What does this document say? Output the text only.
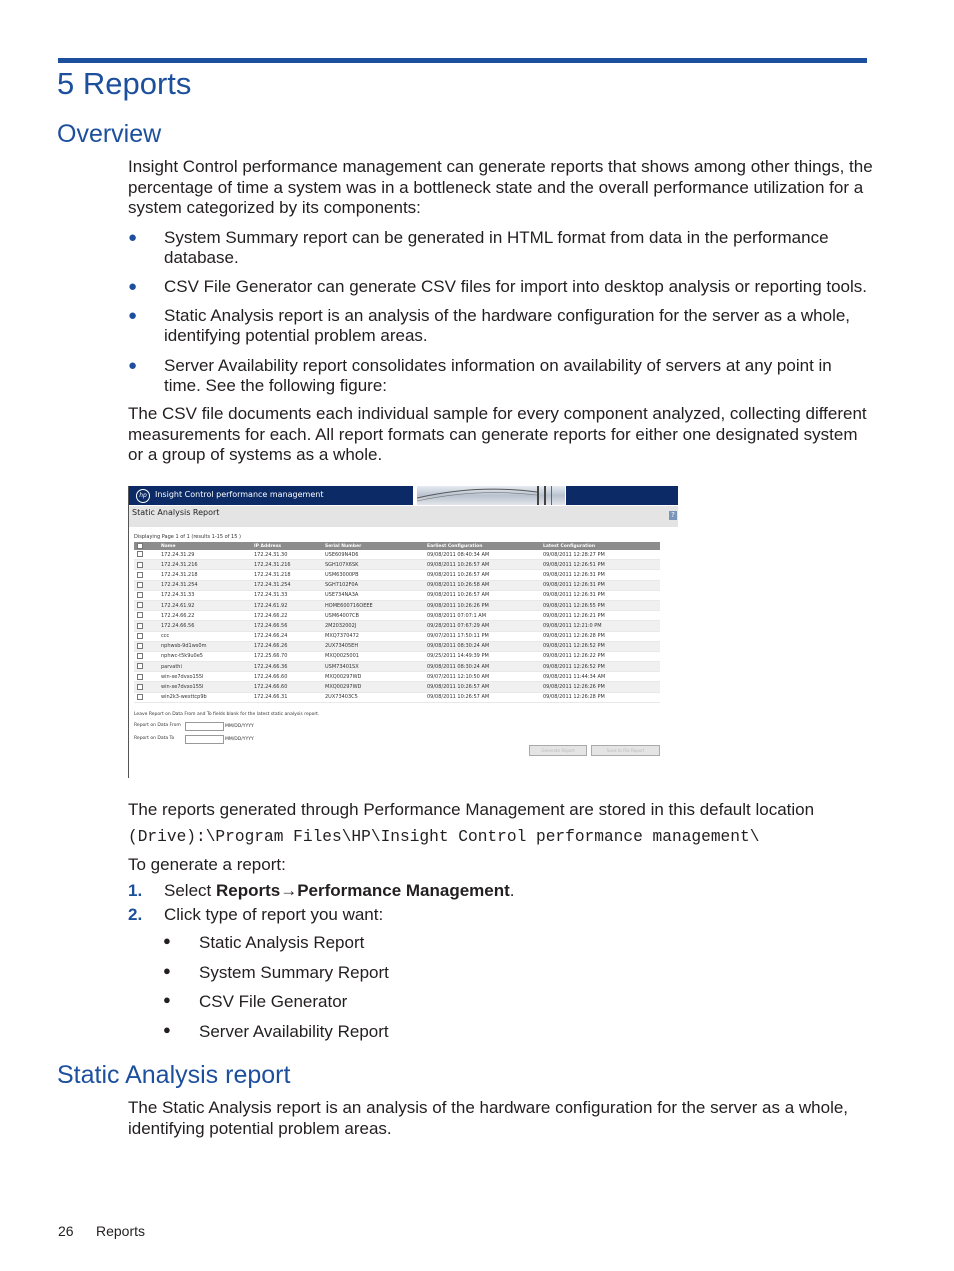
5 Reports
Overview
Insight Control performance management can generate reports that shows among other things, the percentage of time a system was in a bottleneck state and the overall performance utilization for a system categorized by its components:
● System Summary report can be generated in HTML format from data in the performance database.
● CSV File Generator can generate CSV files for import into desktop analysis or reporting tools.
● Static Analysis report is an analysis of the hardware configuration for the server as a whole, identifying potential problem areas.
● Server Availability report consolidates information on availability of servers at any point in time. See the following figure:
The CSV file documents each individual sample for every component analyzed, collecting different measurements for each. All report formats can generate reports for either one designated system or a group of systems as a whole.
hp	Insight Control performance management
Static Analysis Report	?
Displaying Page 1 of 1 (results 1-15 of 15 )
	Name	IP Address	Serial Number	Earliest Configuration	Latest Configuration
	172.24.31.29	172.24.31.30	USE609N4D6	09/08/2011 08:40:34 AM	09/08/2011 12:28:27 PM
	172.24.31.216	172.24.31.216	SGH107X6SK	09/08/2011 10:26:57 AM	09/08/2011 12:26:51 PM
	172.24.31.218	172.24.31.218	USM63000PB	09/08/2011 10:26:57 AM	09/08/2011 12:26:31 PM
	172.24.31.254	172.24.31.254	SGH7102F0A	09/08/2011 10:26:58 AM	09/08/2011 12:26:31 PM
	172.24.31.33	172.24.31.33	USE734NA3A	09/08/2011 10:26:57 AM	09/08/2011 12:26:31 PM
	172.24.61.92	172.24.61.92	HOME600716OEEE	09/08/2011 10:26:26 PM	09/08/2011 12:26:55 PM
	172.24.66.22	172.24.66.22	USM64007CB	09/08/2011 07:07:1 AM	09/08/2011 12:26:21 PM
	172.24.66.56	172.24.66.56	2M2032002J	09/28/2011 07:67:29 AM	09/08/2011 12:21:0 PM
	ccc	172.24.66.24	MXQ7370472	09/07/2011 17:50:11 PM	09/08/2011 12:26:28 PM
	nphwsb-9d1ws0m	172.24.66.26	2UX73405EH	09/08/2011 08:30:24 AM	09/08/2011 12:26:52 PM
	nphwc-t5k9u0e5	172.25.66.70	MXQ0025001	09/25/2011 14:49:39 PM	09/08/2011 12:26:22 PM
	parvathi	172.24.66.36	USM73401SX	09/08/2011 08:30:24 AM	09/08/2011 12:26:52 PM
	win-xe7dvxo155l	172.24.66.60	MXQ00297WD	09/07/2011 12:10:50 AM	09/08/2011 11:44:34 AM
	win-xe7dvxo155l	172.24.66.60	MXQ00297WD	09/08/2011 10:26:57 AM	09/08/2011 12:26:26 PM
	win2k3-westtcp9b	172.24.66.31	2UX73403C5	09/08/2011 10:26:57 AM	09/08/2011 12:26:28 PM
Leave Report on Data From and To fields blank for the latest static analysis report.
Report on Data From	MM/DD/YYYY
Report on Data To	MM/DD/YYYY
Generate Report	Save to File Report
The reports generated through Performance Management are stored in this default location
(Drive):\Program Files\HP\Insight Control performance management\
To generate a report:
1. Select Reports→Performance Management.
2. Click type of report you want:
● Static Analysis Report
● System Summary Report
● CSV File Generator
● Server Availability Report
Static Analysis report
The Static Analysis report is an analysis of the hardware configuration for the server as a whole, identifying potential problem areas.
26 Reports
